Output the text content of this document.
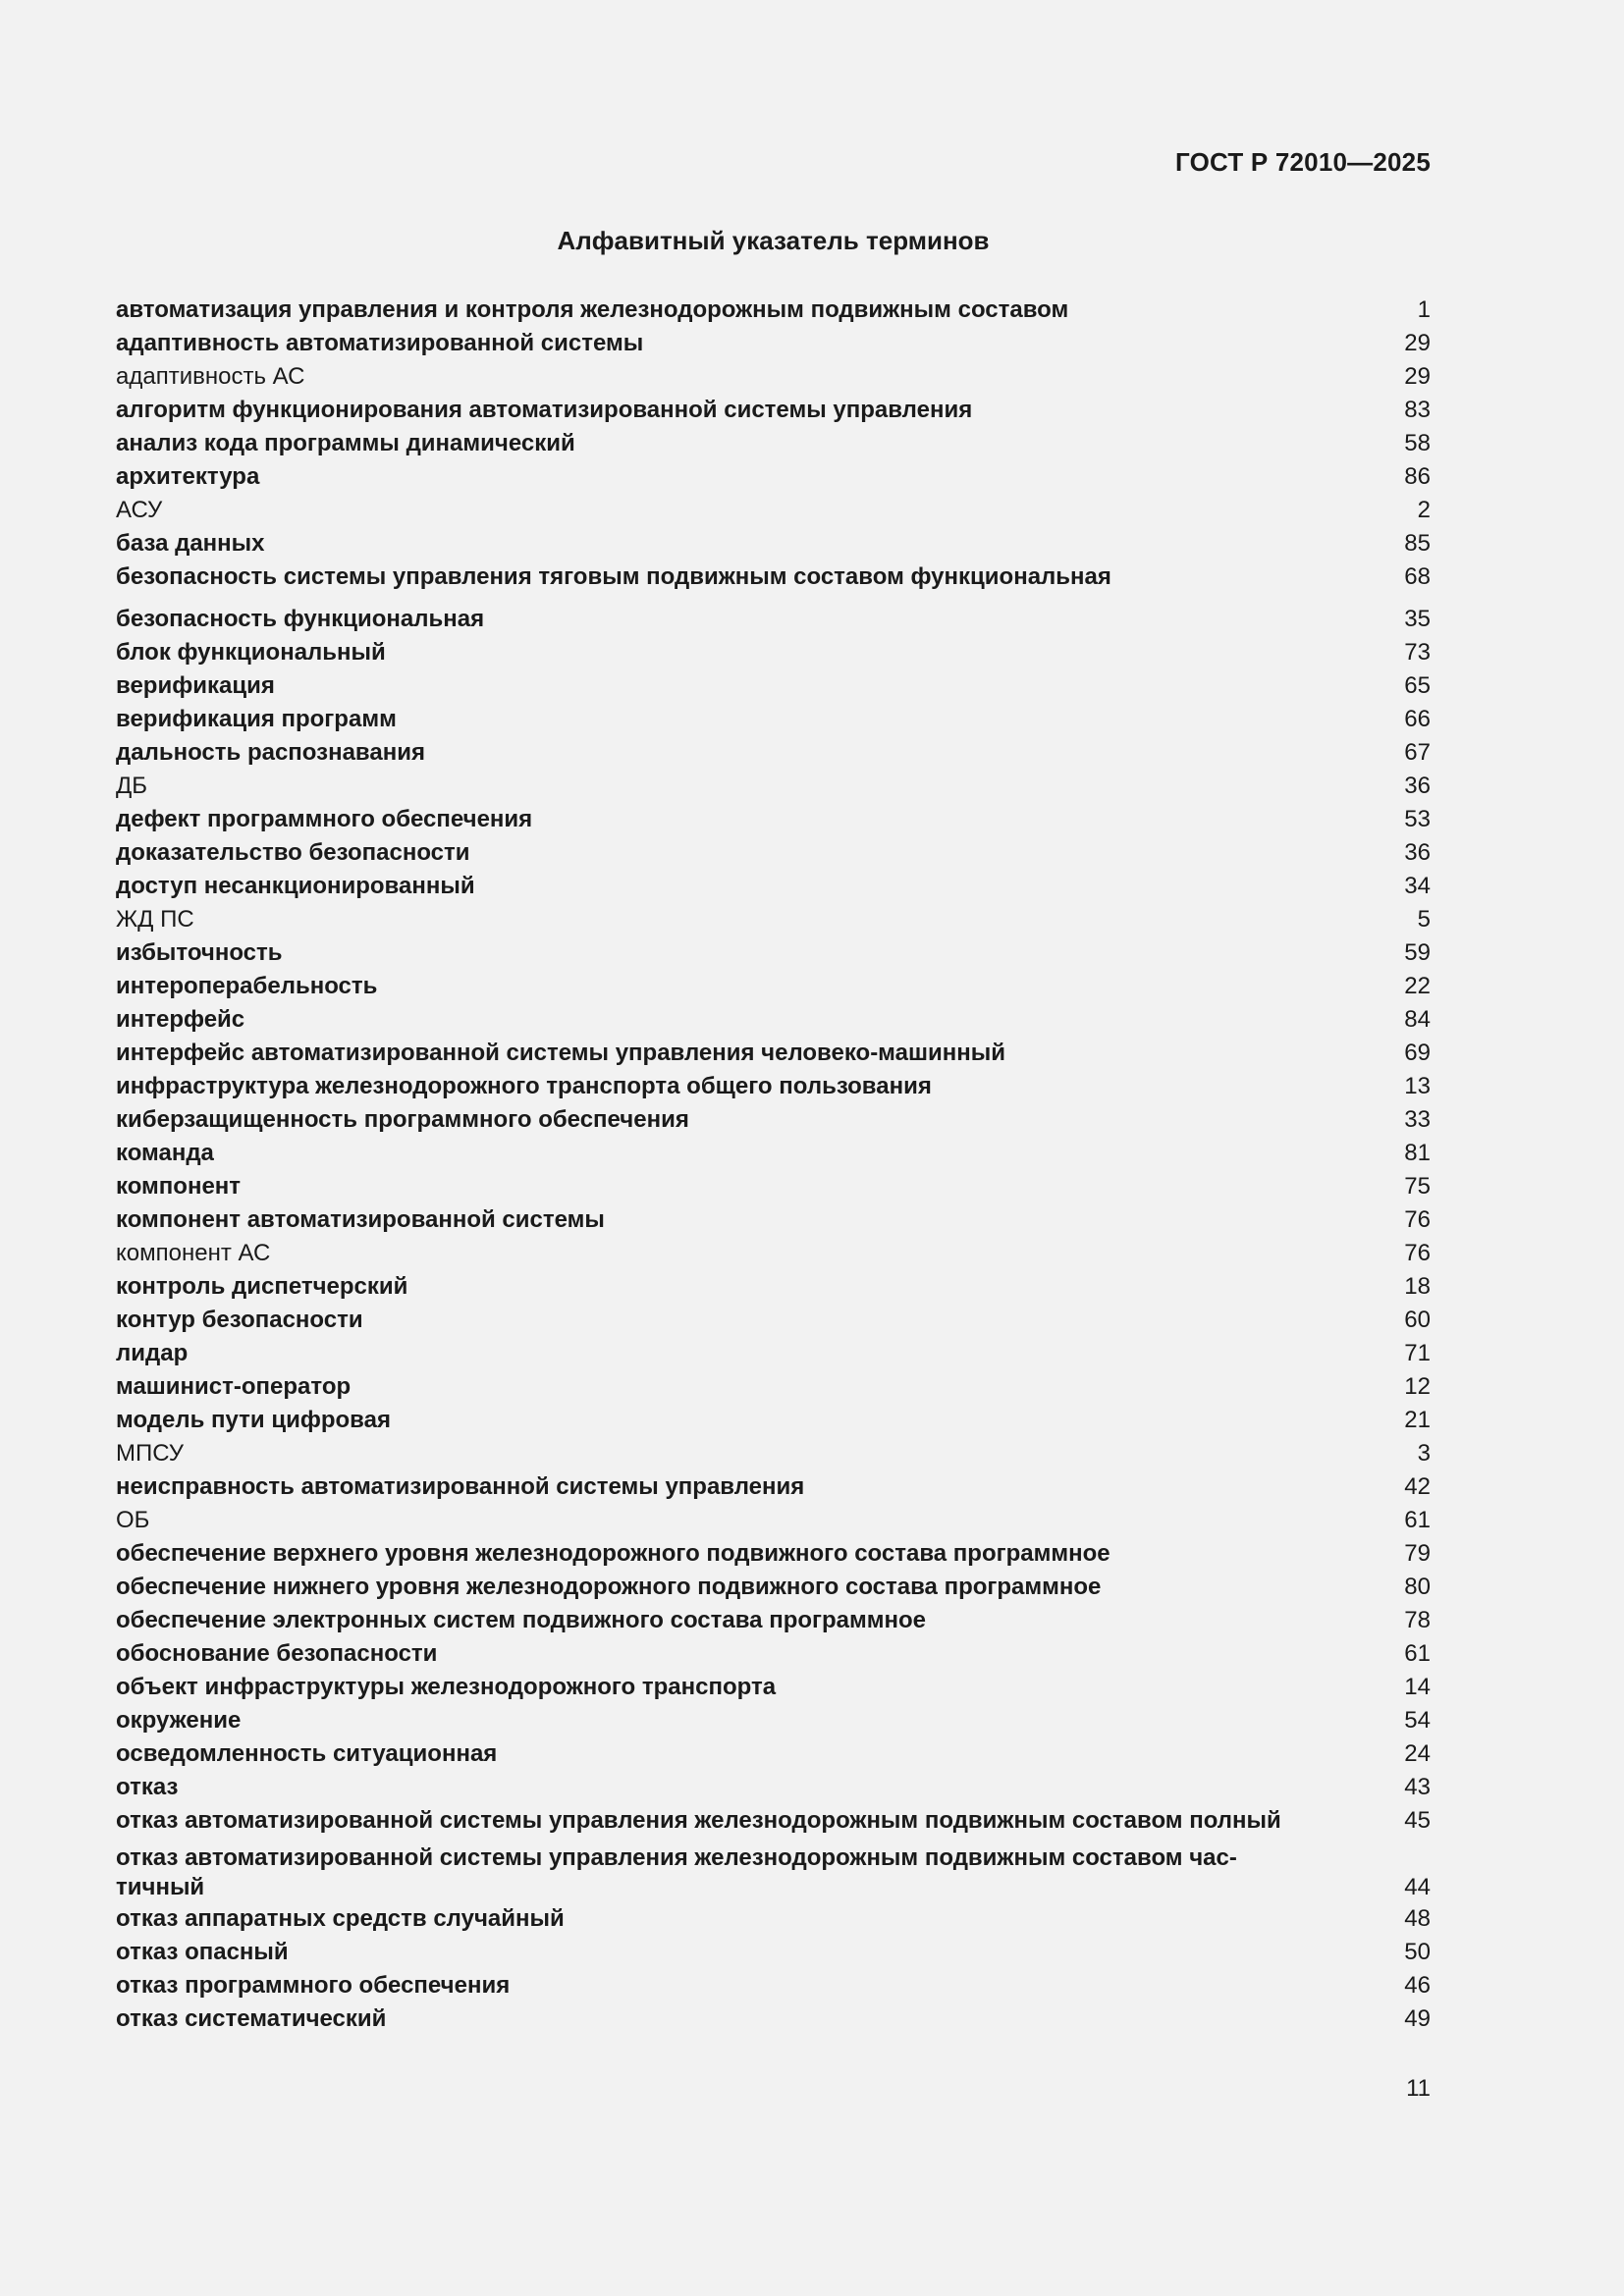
ГОСТ Р 72010—2025
Алфавитный указатель терминов
автоматизация управления и контроля железнодорожным подвижным составом	1
адаптивность автоматизированной системы	29
адаптивность АС	29
алгоритм функционирования автоматизированной системы управления	83
анализ кода программы динамический	58
архитектура	86
АСУ	2
база данных	85
безопасность системы управления тяговым подвижным составом функциональная	68
безопасность функциональная	35
блок функциональный	73
верификация	65
верификация программ	66
дальность распознавания	67
ДБ	36
дефект программного обеспечения	53
доказательство безопасности	36
доступ несанкционированный	34
ЖД ПС	5
избыточность	59
интероперабельность	22
интерфейс	84
интерфейс автоматизированной системы управления человеко-машинный	69
инфраструктура железнодорожного транспорта общего пользования	13
киберзащищенность программного обеспечения	33
команда	81
компонент	75
компонент автоматизированной системы	76
компонент АС	76
контроль диспетчерский	18
контур безопасности	60
лидар	71
машинист-оператор	12
модель пути цифровая	21
МПСУ	3
неисправность автоматизированной системы управления	42
ОБ	61
обеспечение верхнего уровня железнодорожного подвижного состава программное	79
обеспечение нижнего уровня железнодорожного подвижного состава программное	80
обеспечение электронных систем подвижного состава программное	78
обоснование безопасности	61
объект инфраструктуры железнодорожного транспорта	14
окружение	54
осведомленность ситуационная	24
отказ	43
отказ автоматизированной системы управления железнодорожным подвижным составом полный	45
отказ автоматизированной системы управления железнодорожным подвижным составом час-
тичный	44
отказ аппаратных средств случайный	48
отказ опасный	50
отказ программного обеспечения	46
отказ систематический	49
11
